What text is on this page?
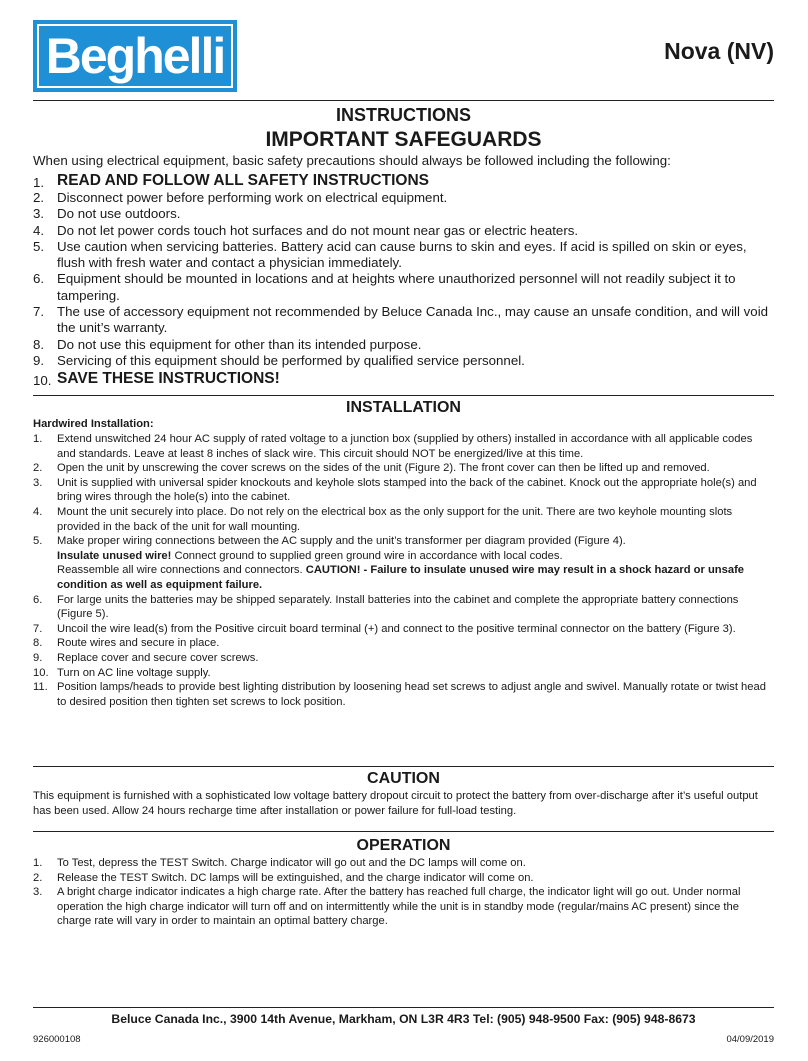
Beghelli	Nova (NV)
INSTRUCTIONS
IMPORTANT SAFEGUARDS
When using electrical equipment, basic safety precautions should always be followed including the following:
1. READ AND FOLLOW ALL SAFETY INSTRUCTIONS
2. Disconnect power before performing work on electrical equipment.
3. Do not use outdoors.
4. Do not let power cords touch hot surfaces and do not mount near gas or electric heaters.
5. Use caution when servicing batteries. Battery acid can cause burns to skin and eyes. If acid is spilled on skin or eyes, flush with fresh water and contact a physician immediately.
6. Equipment should be mounted in locations and at heights where unauthorized personnel will not readily subject it to tampering.
7. The use of accessory equipment not recommended by Beluce Canada Inc., may cause an unsafe condition, and will void the unit’s warranty.
8. Do not use this equipment for other than its intended purpose.
9. Servicing of this equipment should be performed by qualified service personnel.
10. SAVE THESE INSTRUCTIONS!
INSTALLATION
Hardwired Installation:
1. Extend unswitched 24 hour AC supply of rated voltage to a junction box (supplied by others) installed in accordance with all applicable codes and standards. Leave at least 8 inches of slack wire. This circuit should NOT be energized/live at this time.
2. Open the unit by unscrewing the cover screws on the sides of the unit (Figure 2). The front cover can then be lifted up and removed.
3. Unit is supplied with universal spider knockouts and keyhole slots stamped into the back of the cabinet. Knock out the appropriate hole(s) and bring wires through the hole(s) into the cabinet.
4. Mount the unit securely into place. Do not rely on the electrical box as the only support for the unit. There are two keyhole mounting slots provided in the back of the unit for wall mounting.
5. Make proper wiring connections between the AC supply and the unit’s transformer per diagram provided (Figure 4).
Insulate unused wire! Connect ground to supplied green ground wire in accordance with local codes.
Reassemble all wire connections and connectors. CAUTION! - Failure to insulate unused wire may result in a shock hazard or unsafe condition as well as equipment failure.
6. For large units the batteries may be shipped separately. Install batteries into the cabinet and complete the appropriate battery connections (Figure 5).
7. Uncoil the wire lead(s) from the Positive circuit board terminal (+) and connect to the positive terminal connector on the battery (Figure 3).
8. Route wires and secure in place.
9. Replace cover and secure cover screws.
10. Turn on AC line voltage supply.
11. Position lamps/heads to provide best lighting distribution by loosening head set screws to adjust angle and swivel. Manually rotate or twist head to desired position then tighten set screws to lock position.
CAUTION
This equipment is furnished with a sophisticated low voltage battery dropout circuit to protect the battery from over-discharge after it’s useful output has been used. Allow 24 hours recharge time after installation or power failure for full-load testing.
OPERATION
1. To Test, depress the TEST Switch. Charge indicator will go out and the DC lamps will come on.
2. Release the TEST Switch. DC lamps will be extinguished, and the charge indicator will come on.
3. A bright charge indicator indicates a high charge rate. After the battery has reached full charge, the indicator light will go out. Under normal operation the high charge indicator will turn off and on intermittently while the unit is in standby mode (regular/mains AC present) since the charge rate will vary in order to maintain an optimal battery charge.
Beluce Canada Inc., 3900 14th Avenue, Markham, ON L3R 4R3 Tel: (905) 948-9500 Fax: (905) 948-8673
926000108	04/09/2019
